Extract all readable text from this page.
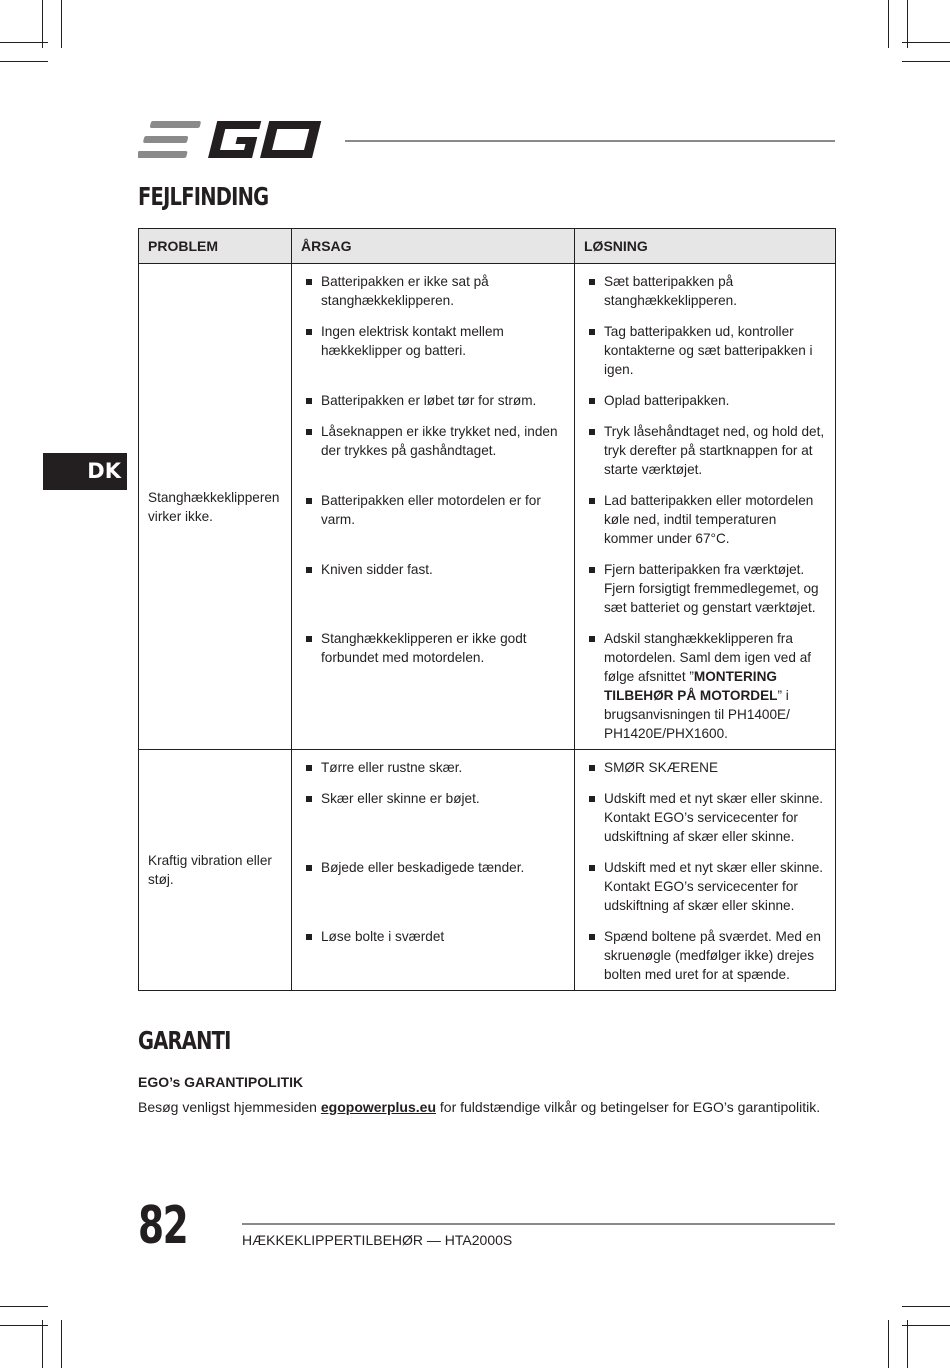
FEJLFINDING
DK
PROBLEM	ÅRSAG	LØSNING
Stanghækkeklipperen virker ikke.	Batteripakken er ikke sat på stanghækkeklipperen.	Sæt batteripakken på stanghækkeklipperen.

	Ingen elektrisk kontakt mellem hækkeklipper og batteri.	Tag batteripakken ud, kontroller kontakterne og sæt batteripakken i igen.

	Batteripakken er løbet tør for strøm.	Oplad batteripakken.

	Låseknappen er ikke trykket ned, inden der trykkes på gashåndtaget.	Tryk låsehåndtaget ned, og hold det, tryk derefter på startknappen for at starte værktøjet.

	Batteripakken eller motordelen er for varm.	Lad batteripakken eller motordelen køle ned, indtil temperaturen kommer under 67°C.

	Kniven sidder fast.	Fjern batteripakken fra værktøjet. Fjern forsigtigt fremmedlegemet, og sæt batteriet og genstart værktøjet.

	Stanghækkeklipperen er ikke godt forbundet med motordelen.	Adskil stanghækkeklipperen fra motordelen. Saml dem igen ved af følge afsnittet ”MONTERING TILBEHØR PÅ MOTORDEL” i brugsanvisningen til PH1400E/ PH1420E/PHX1600.

Kraftig vibration eller støj.	Tørre eller rustne skær.	SMØR SKÆRENE

	Skær eller skinne er bøjet.	Udskift med et nyt skær eller skinne. Kontakt EGO’s servicecenter for udskiftning af skær eller skinne.

	Bøjede eller beskadigede tænder.	Udskift med et nyt skær eller skinne. Kontakt EGO’s servicecenter for udskiftning af skær eller skinne.

	Løse bolte i sværdet	Spænd boltene på sværdet. Med en skruenøgle (medfølger ikke) drejes bolten med uret for at spænde.
GARANTI
EGO’s GARANTIPOLITIK
Besøg venligst hjemmesiden egopowerplus.eu for fuldstændige vilkår og betingelser for EGO’s garantipolitik.
82	HÆKKEKLIPPERTILBEHØR — HTA2000S
